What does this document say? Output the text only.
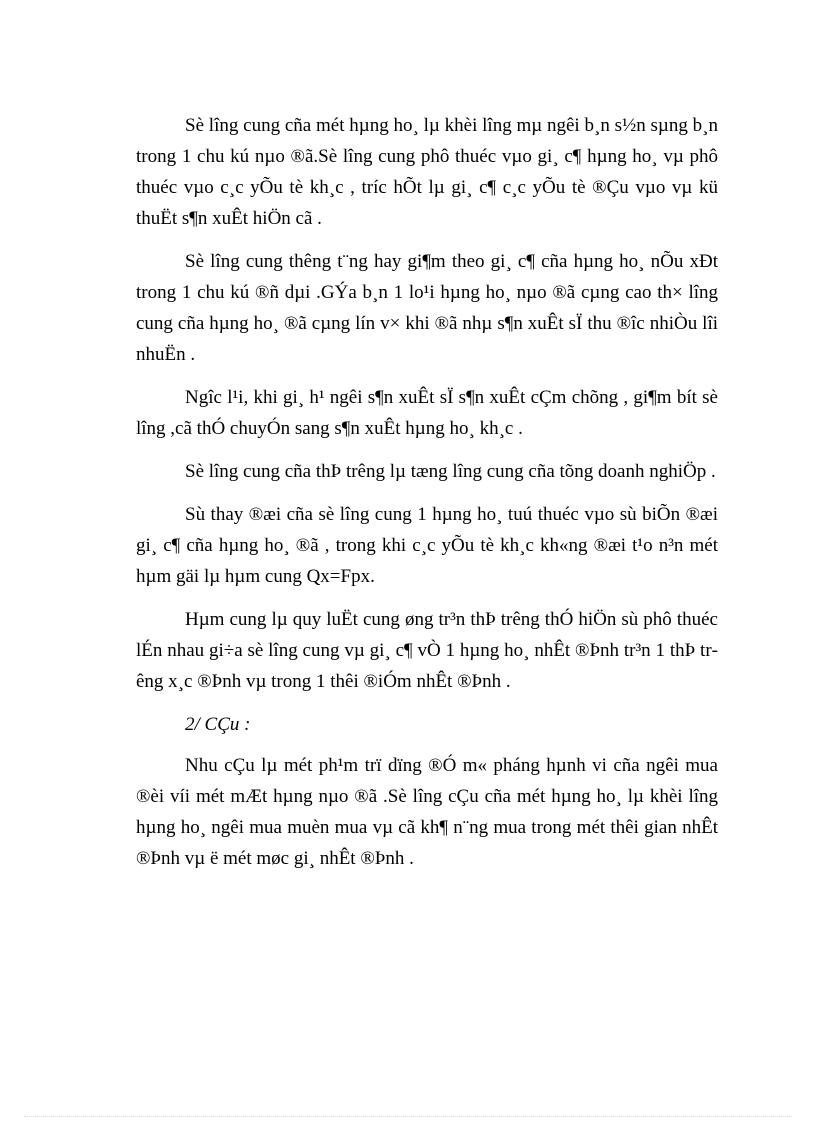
Sè lîng cung cña mét hµng ho¸ lµ khèi lîng mµ ngêi b¸n s½n sµng b¸n trong 1 chu kú nµo ®ã.Sè lîng cung phô thuéc vµo gi¸ c¶ hµng ho¸ vµ phô thuéc vµo c¸c yÕu tè kh¸c , tríc hÕt lµ gi¸ c¶ c¸c yÕu tè ®Çu vµo vµ kü thuËt s¶n xuÊt hiÖn cã .

Sè lîng cung thêng t¨ng hay gi¶m theo gi¸ c¶ cña hµng ho¸ nÕu xÐt trong 1 chu kú ®ñ dµi .GÝa b¸n 1 lo¹i hµng ho¸ nµo ®ã cµng cao th× lîng cung cña hµng ho¸ ®ã cµng lín v× khi ®ã nhµ s¶n xuÊt sÏ thu ®îc nhiÒu lîi nhuËn .

Ngîc l¹i, khi gi¸ h¹ ngêi s¶n xuÊt sÏ s¶n xuÊt cÇm chõng , gi¶m bít sè lîng ,cã thÓ chuyÓn sang s¶n xuÊt hµng ho¸ kh¸c .

Sè lîng cung cña thÞ trêng lµ tæng lîng cung cña tõng doanh nghiÖp .

Sù thay ®æi cña sè lîng cung 1 hµng ho¸ tuú thuéc vµo sù biÕn ®æi gi¸ c¶ cña hµng ho¸ ®ã , trong khi c¸c yÕu tè kh¸c kh«ng ®æi t¹o n³n mét hµm gäi lµ hµm cung Qx=Fpx.

Hµm cung lµ quy luËt cung øng tr³n thÞ trêng thÓ hiÖn sù phô thuéc lÉn nhau gi÷a sè lîng cung vµ gi¸ c¶ vÒ 1 hµng ho¸ nhÊt ®Þnh tr³n 1 thÞ trêng x¸c ®Þnh vµ trong 1 thêi ®iÓm nhÊt ®Þnh .

2/ CÇu :

Nhu cÇu lµ mét ph¹m trï dïng ®Ó m« pháng hµnh vi cña ngêi mua ®èi víi mét mÆt hµng nµo ®ã .Sè lîng cÇu cña mét hµng ho¸ lµ khèi lîng hµng ho¸ ngêi mua muèn mua vµ cã kh¶ n¨ng mua trong mét thêi gian nhÊt ®Þnh vµ ë mét møc gi¸ nhÊt ®Þnh .
